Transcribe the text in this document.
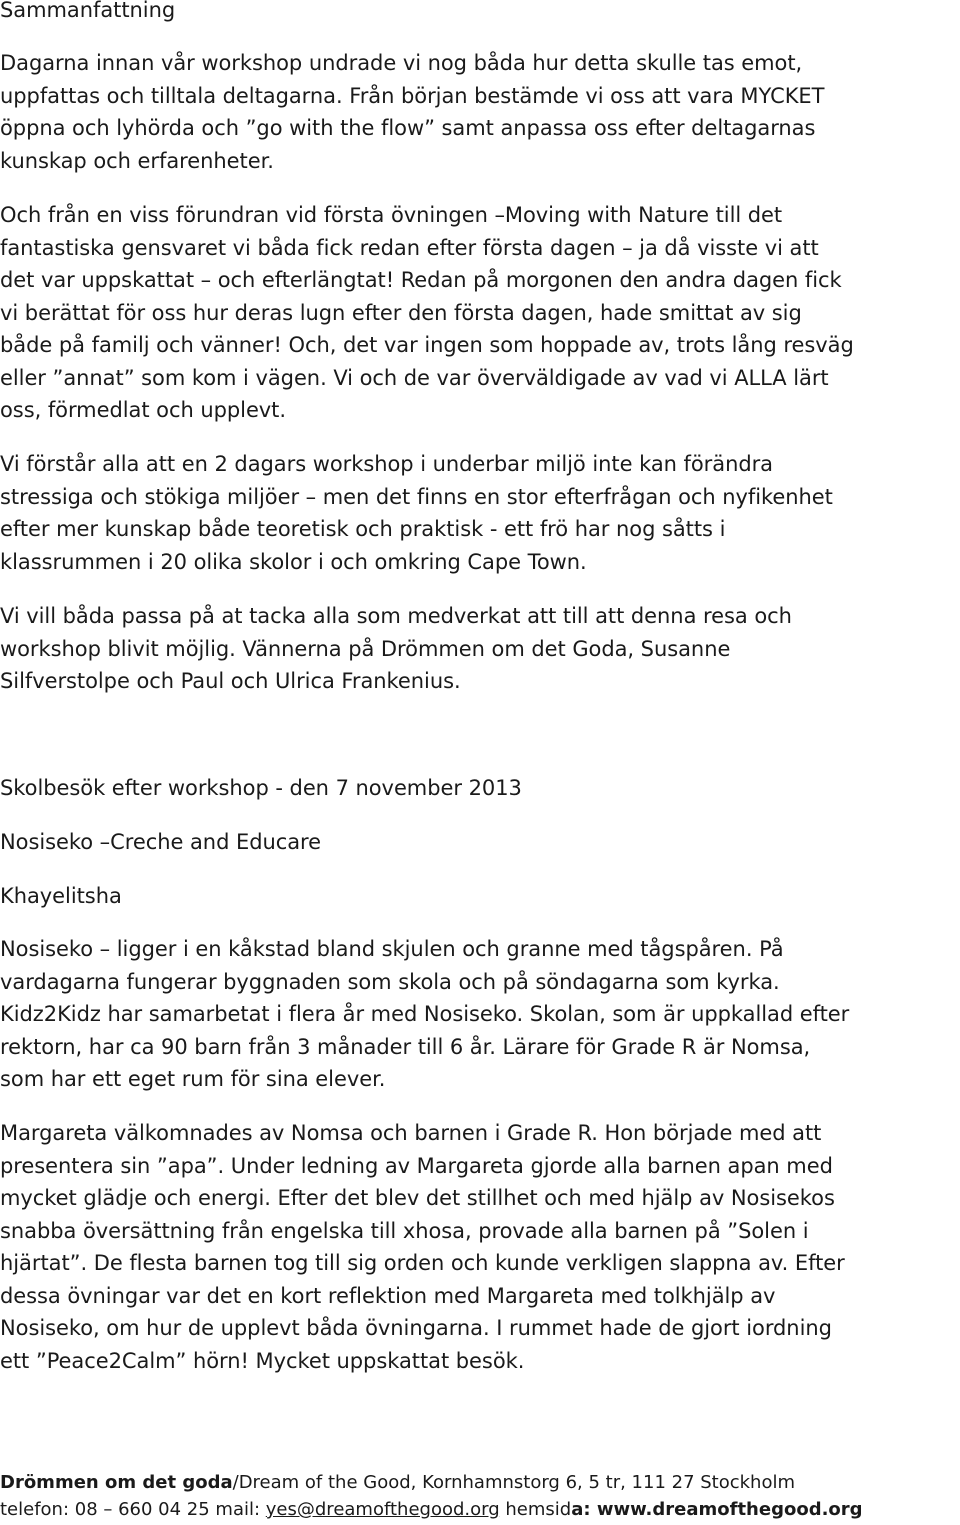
Sammanfattning
Dagarna innan vår workshop undrade vi nog båda hur detta skulle tas emot,
uppfattas och tilltala deltagarna. Från början bestämde vi oss att vara MYCKET
öppna och lyhörda och ”go with the flow” samt anpassa oss efter deltagarnas
kunskap och erfarenheter.
Och från en viss förundran vid första övningen –Moving with Nature till det
fantastiska gensvaret vi båda fick redan efter första dagen – ja då visste vi att
det var uppskattat – och efterlängtat! Redan på morgonen den andra dagen fick
vi berättat för oss hur deras lugn efter den första dagen, hade smittat av sig
både på familj och vänner! Och, det var ingen som hoppade av, trots lång resväg
eller ”annat” som kom i vägen. Vi och de var överväldigade av vad vi ALLA lärt
oss, förmedlat och upplevt.
Vi förstår alla att en 2 dagars workshop i underbar miljö inte kan förändra
stressiga och stökiga miljöer – men det finns en stor efterfrågan och nyfikenhet
efter mer kunskap både teoretisk och praktisk - ett frö har nog såtts i
klassrummen i 20 olika skolor i och omkring Cape Town.
Vi vill båda passa på at tacka alla som medverkat att till att denna resa och
workshop blivit möjlig. Vännerna på Drömmen om det Goda, Susanne
Silfverstolpe och Paul och Ulrica Frankenius.
Skolbesök efter workshop - den 7 november 2013
Nosiseko –Creche and Educare
Khayelitsha
Nosiseko – ligger i en kåkstad bland skjulen och granne med tågspåren. På
vardagarna fungerar byggnaden som skola och på söndagarna som kyrka.
Kidz2Kidz har samarbetat i flera år med Nosiseko. Skolan, som är uppkallad efter
rektorn, har ca 90 barn från 3 månader till 6 år. Lärare för Grade R är Nomsa,
som har ett eget rum för sina elever.
Margareta välkomnades av Nomsa och barnen i Grade R. Hon började med att
presentera sin ”apa”. Under ledning av Margareta gjorde alla barnen apan med
mycket glädje och energi. Efter det blev det stillhet och med hjälp av Nosisekos
snabba översättning från engelska till xhosa, provade alla barnen på ”Solen i
hjärtat”. De flesta barnen tog till sig orden och kunde verkligen slappna av. Efter
dessa övningar var det en kort reflektion med Margareta med tolkhjälp av
Nosiseko, om hur de upplevt båda övningarna. I rummet hade de gjort iordning
ett ”Peace2Calm” hörn! Mycket uppskattat besök.
Drömmen om det goda/Dream of the Good, Kornhamnstorg 6, 5 tr, 111 27 Stockholm
telefon: 08 – 660 04 25 mail: yes@dreamofthegood.org hemsida: www.dreamofthegood.org
